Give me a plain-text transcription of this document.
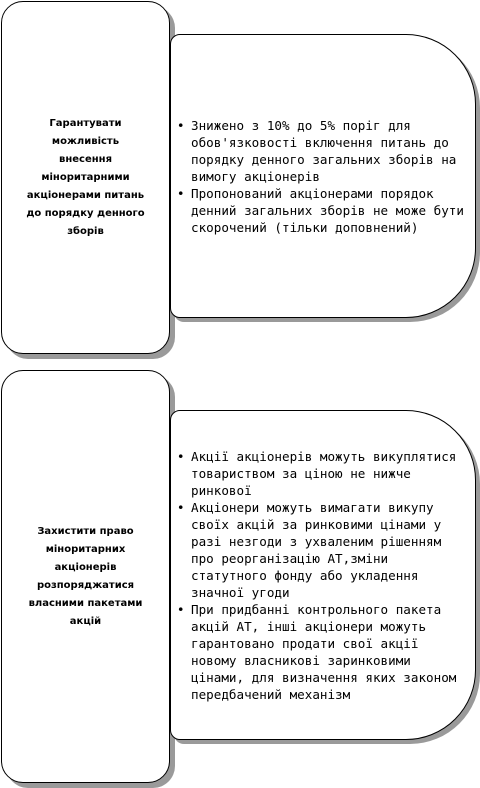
• Знижено з 10% до 5% поріг для обов'язковості включення питань до порядку денного загальних зборів на вимогу акціонерів
• Пропонований акціонерами порядок денний загальних зборів не може бути скорочений (тільки доповнений)
Гарантувати можливість внесення міноритарними акціонерами питань до порядку денного зборів
• Акції акціонерів можуть викуплятися товариством за ціною не нижче ринкової
• Акціонери можуть вимагати викупу своїх акцій за ринковими цінами у разі незгоди з ухваленим рішенням про реорганізацію АТ,зміни статутного фонду або укладення значної угоди
• При придбанні контрольного пакета акцій АТ, інші акціонери можуть гарантовано продати свої акції новому власникові заринковими цінами, для визначення яких законом передбачений механізм
Захистити право міноритарних акціонерів розпоряджатися власними пакетами акцій
